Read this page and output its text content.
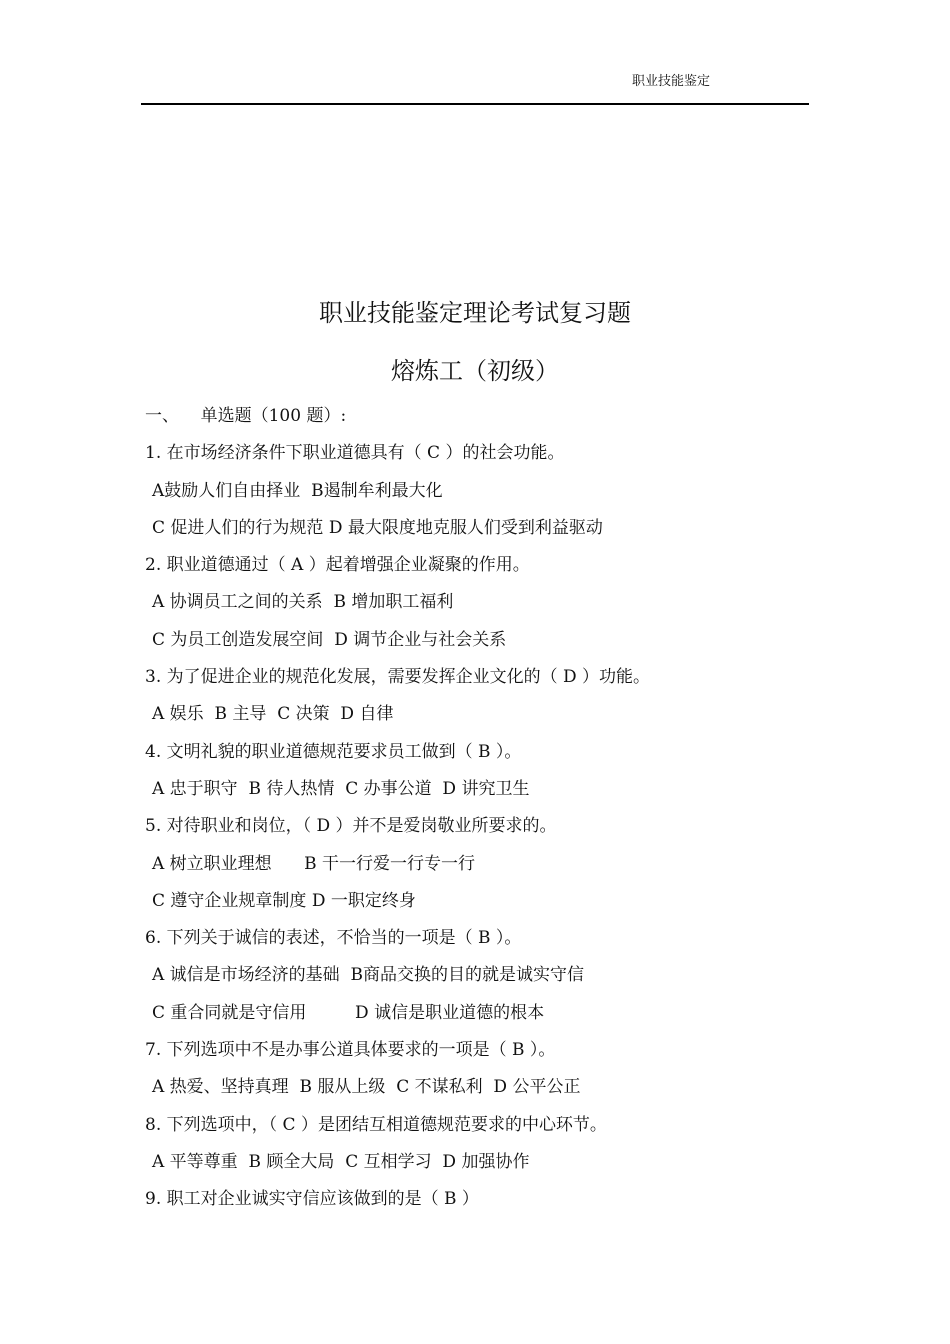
职业技能鉴定
职业技能鉴定理论考试复习题
熔炼工（初级）
一、    单选题（100 题）:
1. 在市场经济条件下职业道德具有（ C ）的社会功能。
A鼓励人们自由择业  B遏制牟利最大化
C 促进人们的行为规范 D 最大限度地克服人们受到利益驱动
2. 职业道德通过（ A ）起着增强企业凝聚的作用。
A 协调员工之间的关系  B 增加职工福利
C 为员工创造发展空间  D 调节企业与社会关系
3. 为了促进企业的规范化发展，需要发挥企业文化的（ D ）功能。
A 娱乐  B 主导  C 决策  D 自律
4. 文明礼貌的职业道德规范要求员工做到（ B ）。
A 忠于职守  B 待人热情  C 办事公道  D 讲究卫生
5. 对待职业和岗位，（ D ）并不是爱岗敬业所要求的。
A 树立职业理想      B 干一行爱一行专一行
C 遵守企业规章制度 D 一职定终身
6. 下列关于诚信的表述，不恰当的一项是（ B ）。
A 诚信是市场经济的基础  B商品交换的目的就是诚实守信
C 重合同就是守信用         D 诚信是职业道德的根本
7. 下列选项中不是办事公道具体要求的一项是（ B ）。
A 热爱、坚持真理  B 服从上级  C 不谋私利  D 公平公正
8. 下列选项中，（ C ）是团结互相道德规范要求的中心环节。
A 平等尊重  B 顾全大局  C 互相学习  D 加强协作
9. 职工对企业诚实守信应该做到的是（ B ）
